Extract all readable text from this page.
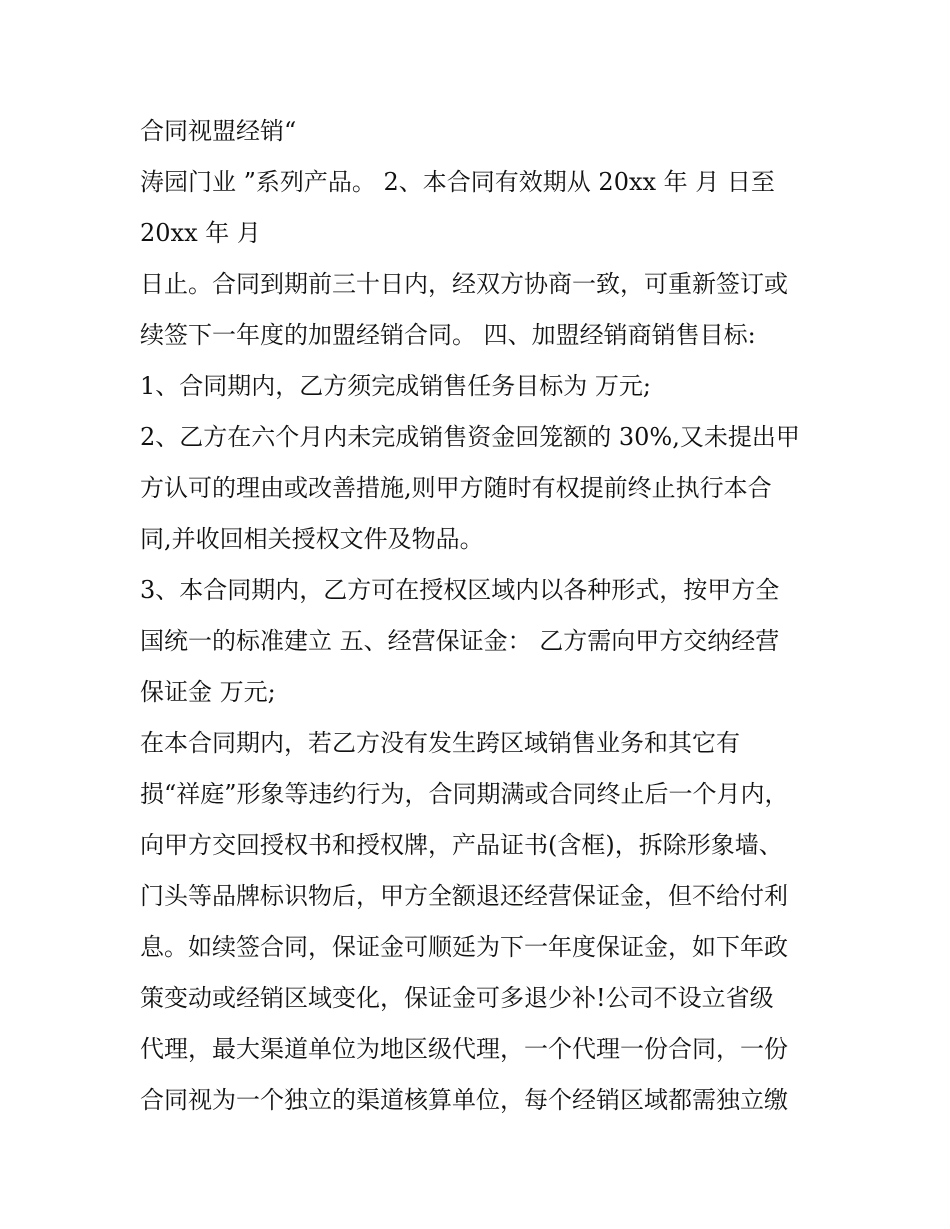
合同视盟经销“
涛园门业 ”系列产品。 2、本合同有效期从 20xx 年 月 日至
20xx 年 月
日止。合同到期前三十日内，经双方协商一致，可重新签订或
续签下一年度的加盟经销合同。 四、加盟经销商销售目标:
1、合同期内，乙方须完成销售任务目标为 万元;
2、乙方在六个月内未完成销售资金回笼额的 30%,又未提出甲
方认可的理由或改善措施,则甲方随时有权提前终止执行本合
同,并收回相关授权文件及物品。
3、本合同期内，乙方可在授权区域内以各种形式，按甲方全
国统一的标准建立 五、经营保证金： 乙方需向甲方交纳经营
保证金 万元;
在本合同期内，若乙方没有发生跨区域销售业务和其它有
损“祥庭”形象等违约行为，合同期满或合同终止后一个月内，
向甲方交回授权书和授权牌，产品证书(含框)，拆除形象墙、
门头等品牌标识物后，甲方全额退还经营保证金，但不给付利
息。如续签合同，保证金可顺延为下一年度保证金，如下年政
策变动或经销区域变化，保证金可多退少补!公司不设立省级
代理，最大渠道单位为地区级代理，一个代理一份合同，一份
合同视为一个独立的渠道核算单位，每个经销区域都需独立缴
